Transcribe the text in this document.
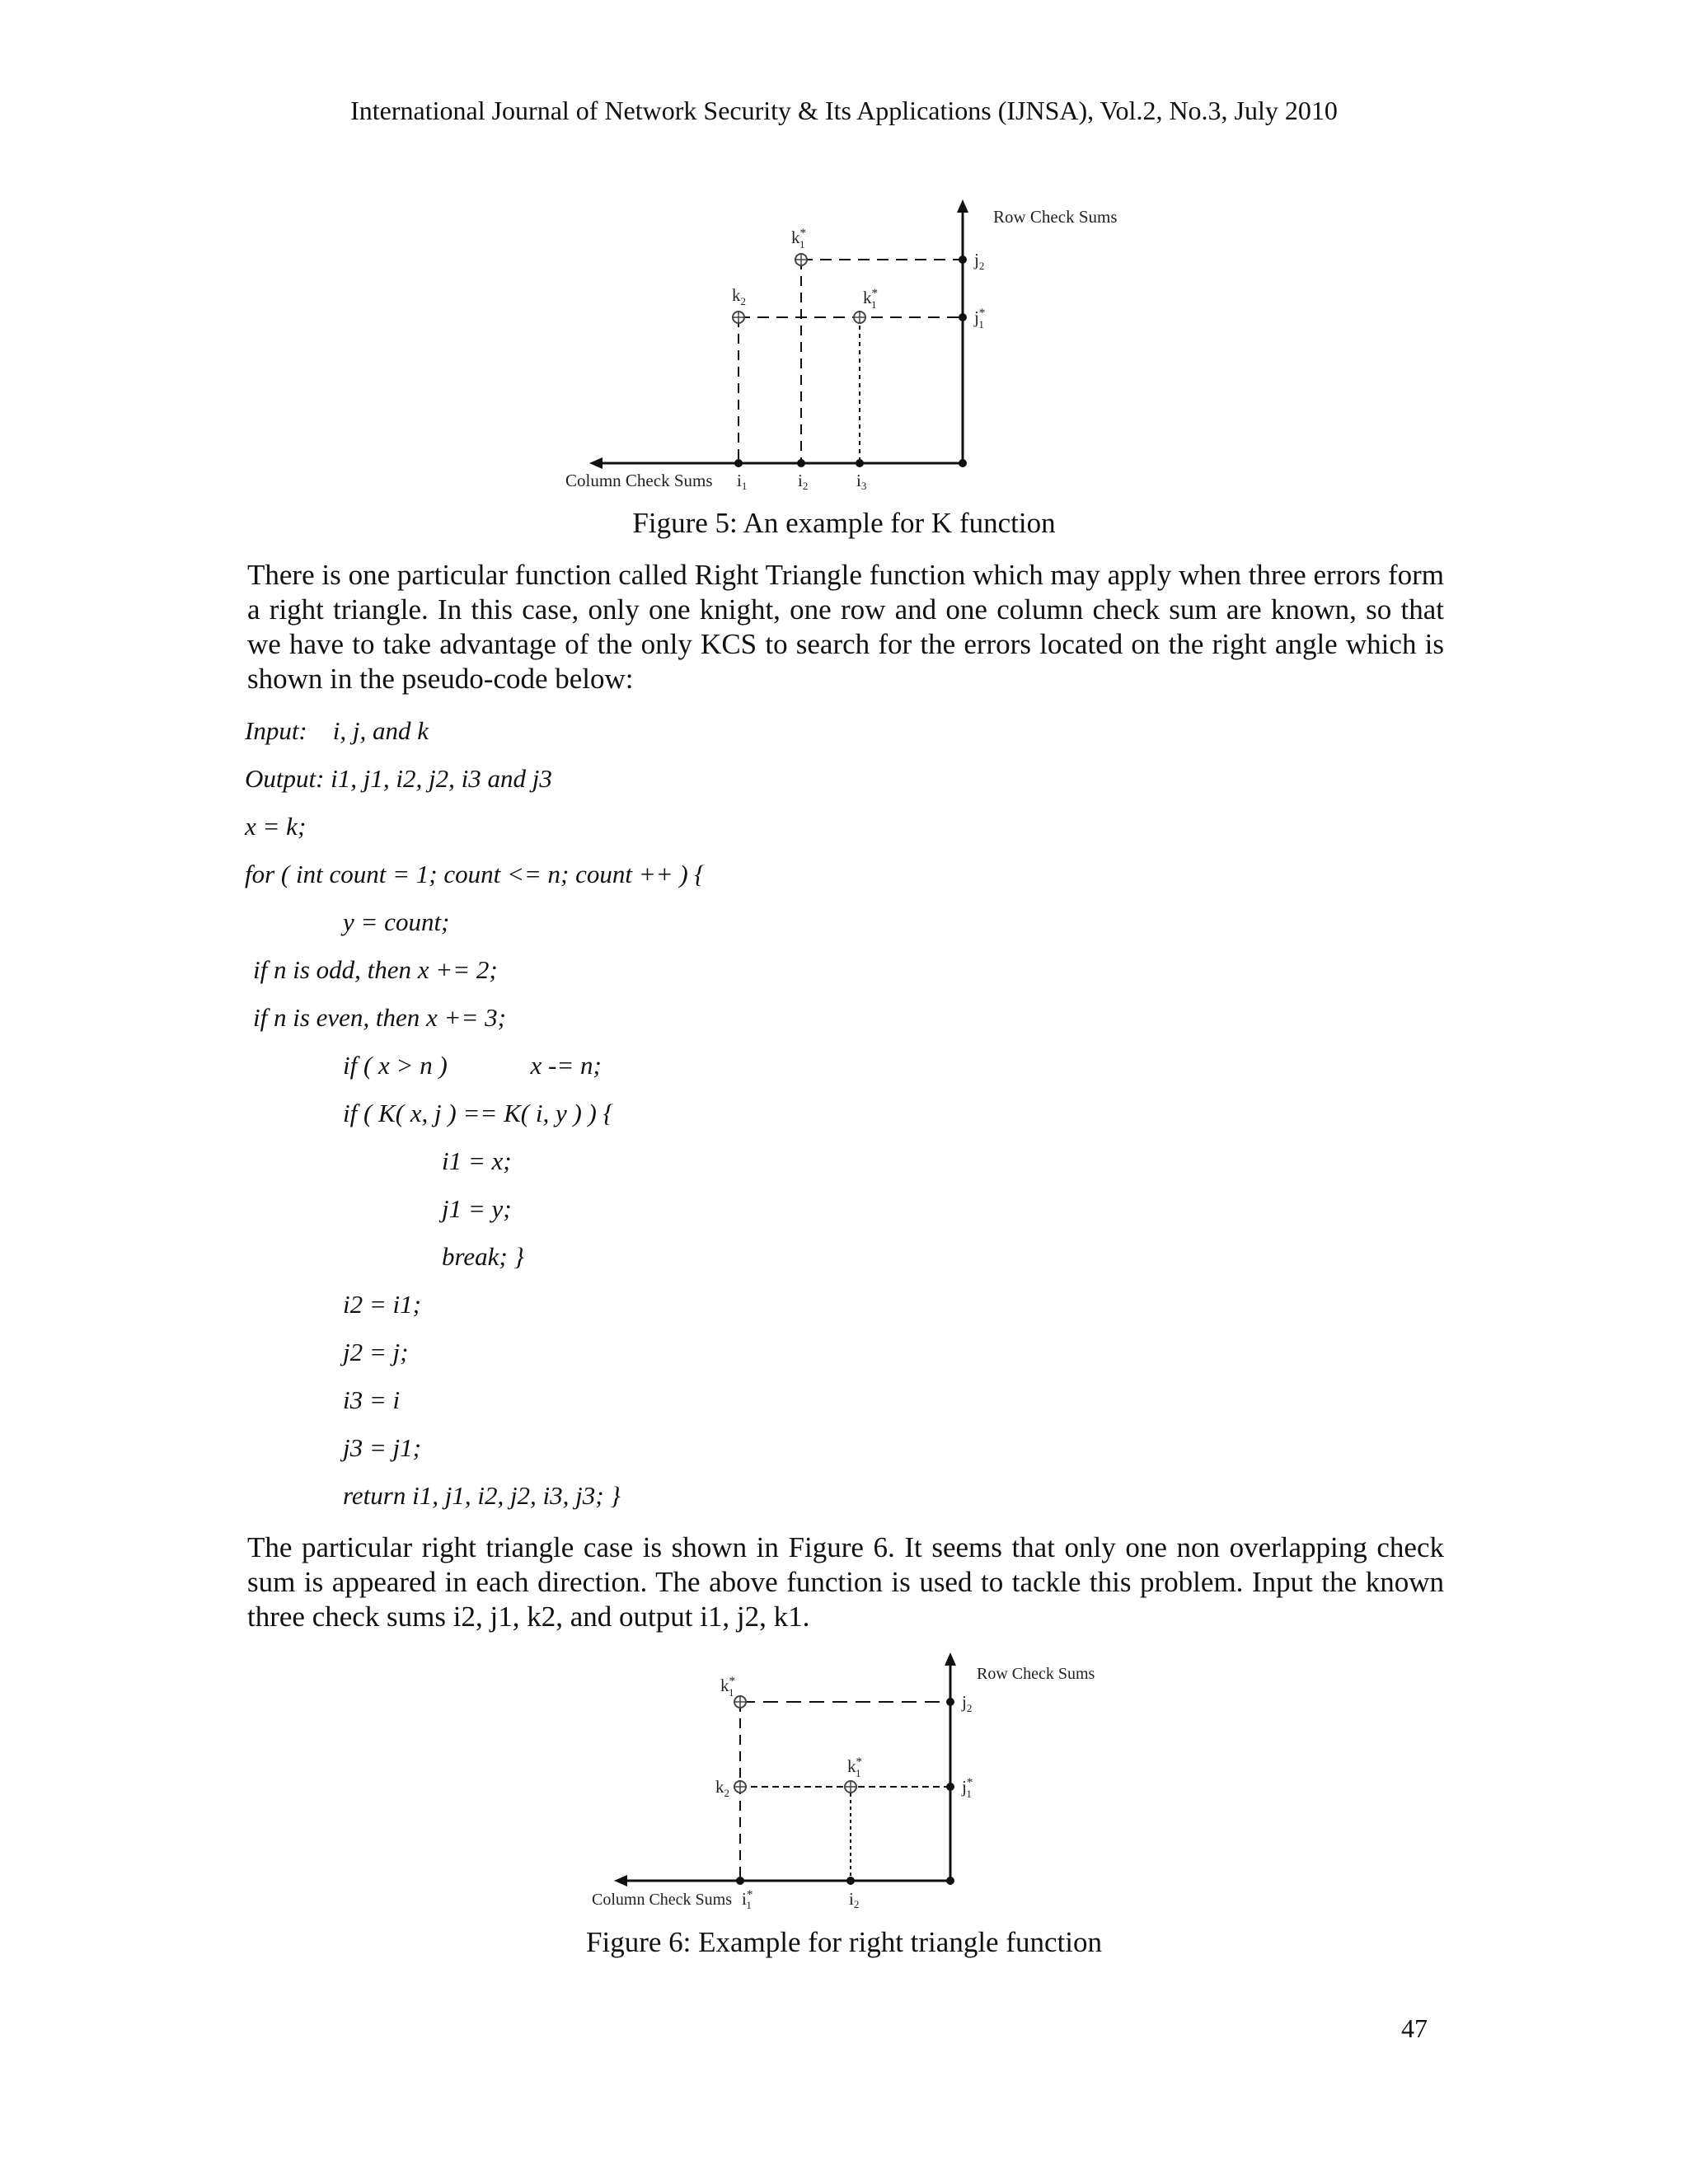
International Journal of Network Security & Its Applications (IJNSA), Vol.2, No.3, July 2010
Row Check Sums
Column Check Sums
k* 1
$k_2$	k* 1
$j_2$
j* 1
i1	i2	i3
Figure 5: An example for K function

There is one particular function called Right Triangle function which may apply when three errors form a right triangle. In this case, only one knight, one row and one column check sum are known, so that we have to take advantage of the only KCS to search for the errors located on the right angle which is shown in the pseudo-code below:

Input:    i, j, and k
Output: i1, j1, i2, j2, i3 and j3
x = k;
for ( int count = 1; count <= n; count ++ ) {
y = count;
if n is odd, then x += 2;
if n is even, then x += 3;
if ( x > n )             x -= n;
if ( K( x, j ) == K( i, y ) ) {
i1 = x;
j1 = y;
break; }
i2 = i1;
j2 = j;
i3 = i
j3 = j1;
return i1, j1, i2, j2, i3, j3; }

The particular right triangle case is shown in Figure 6. It seems that only one non overlapping check sum is appeared in each direction. The above function is used to tackle this problem. Input the known three check sums i2, j1, k2, and output i1, j2, k1.

Row Check Sums
Column Check Sums
k* 1
$k_2$
k* 1
$j_2$
j* 1
i* 1	i2
Figure 6: Example for right triangle function
47
